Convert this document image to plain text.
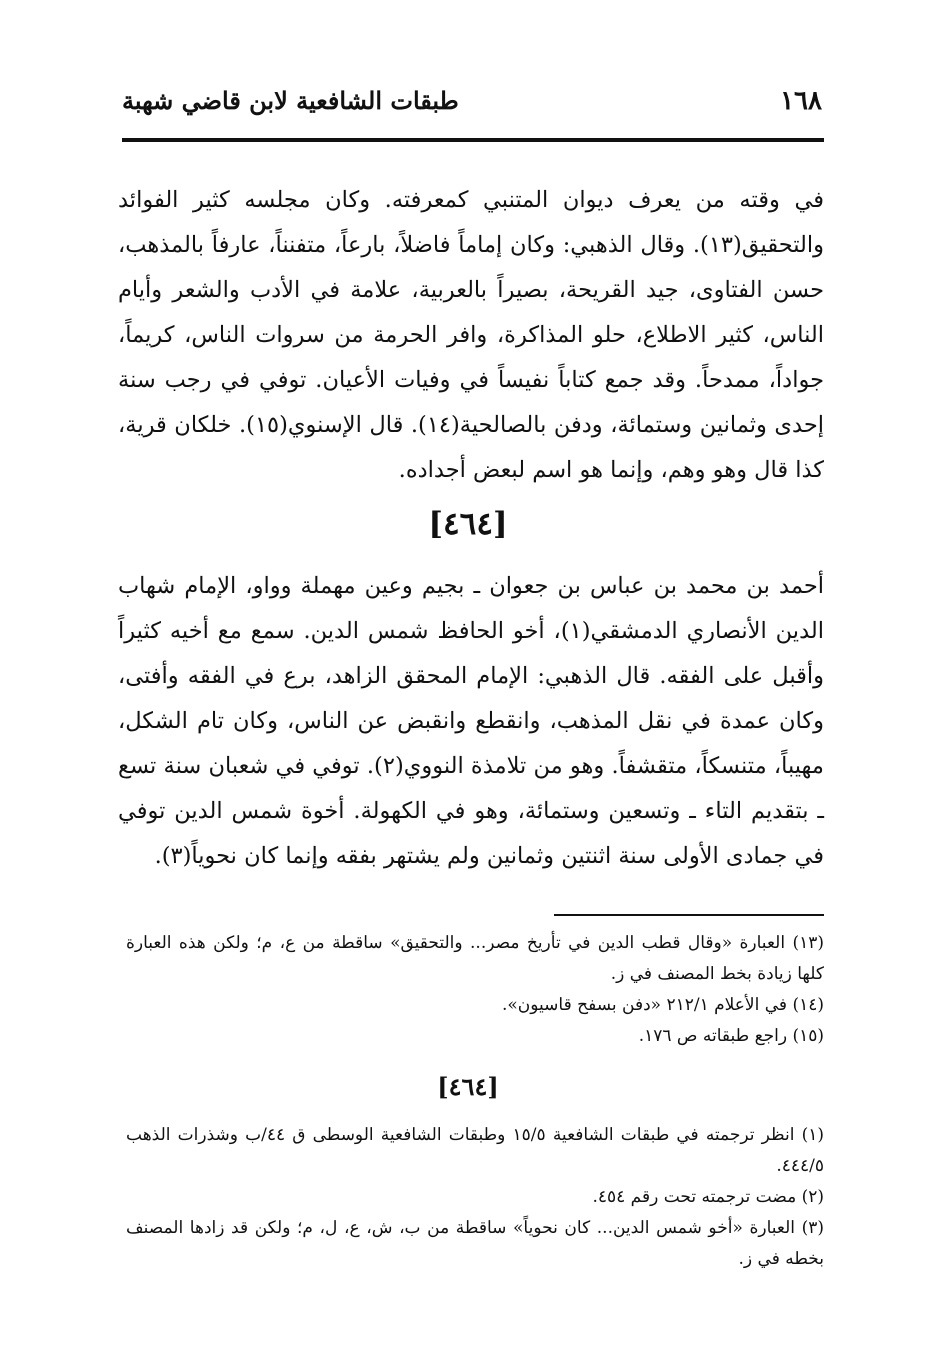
١٦٨
طبقات الشافعية لابن قاضي شهبة

في وقته من يعرف ديوان المتنبي كمعرفته. وكان مجلسه كثير الفوائد والتحقيق(١٣). وقال الذهبي: وكان إماماً فاضلاً، بارعاً، متفنناً، عارفاً بالمذهب، حسن الفتاوى، جيد القريحة، بصيراً بالعربية، علامة في الأدب والشعر وأيام الناس، كثير الاطلاع، حلو المذاكرة، وافر الحرمة من سروات الناس، كريماً، جواداً، ممدحاً. وقد جمع كتاباً نفيساً في وفيات الأعيان. توفي في رجب سنة إحدى وثمانين وستمائة، ودفن بالصالحية(١٤). قال الإسنوي(١٥). خلكان قرية، كذا قال وهو وهم، وإنما هو اسم لبعض أجداده.

[٤٦٤]

أحمد بن محمد بن عباس بن جعوان ـ بجيم وعين مهملة وواو، الإمام شهاب الدين الأنصاري الدمشقي(١)، أخو الحافظ شمس الدين. سمع مع أخيه كثيراً وأقبل على الفقه. قال الذهبي: الإمام المحقق الزاهد، برع في الفقه وأفتى، وكان عمدة في نقل المذهب، وانقطع وانقبض عن الناس، وكان تام الشكل، مهيباً، متنسكاً، متقشفاً. وهو من تلامذة النووي(٢). توفي في شعبان سنة تسع ـ بتقديم التاء ـ وتسعين وستمائة، وهو في الكهولة. أخوة شمس الدين توفي في جمادى الأولى سنة اثنتين وثمانين ولم يشتهر بفقه وإنما كان نحوياً(٣).

(١٣) العبارة «وقال قطب الدين في تأريخ مصر... والتحقيق» ساقطة من ع، م؛ ولكن هذه العبارة كلها زيادة بخط المصنف في ز.

(١٤) في الأعلام ٢١٢/١ «دفن بسفح قاسيون».

(١٥) راجع طبقاته ص ١٧٦.

[٤٦٤]

(١) انظر ترجمته في طبقات الشافعية ١٥/٥ وطبقات الشافعية الوسطى ق ٤٤/ب وشذرات الذهب ٤٤٤/٥.

(٢) مضت ترجمته تحت رقم ٤٥٤.

(٣) العبارة «أخو شمس الدين... كان نحوياً» ساقطة من ب، ش، ع، ل، م؛ ولكن قد زادها المصنف بخطه في ز.
